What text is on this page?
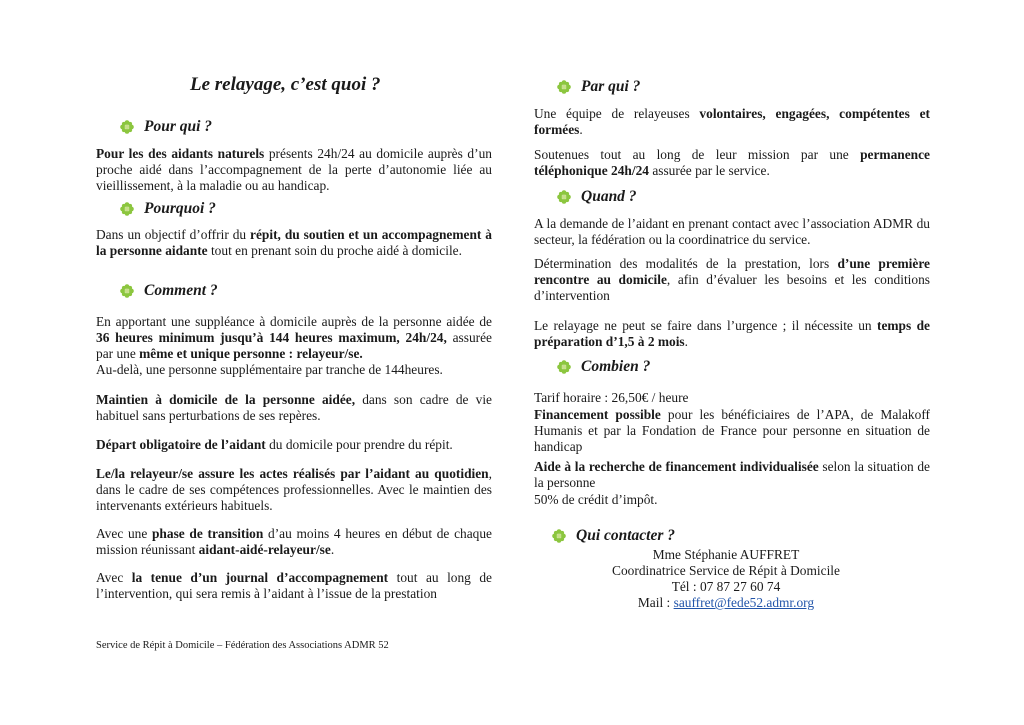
Le relayage, c’est quoi ?
Pour qui ?

Pour les des aidants naturels présents 24h/24 au domicile auprès d’un proche aidé dans l’accompagnement de la perte d’autonomie liée au vieillissement, à la maladie ou au handicap.

Pourquoi ?

Dans un objectif d’offrir du répit, du soutien et un accompagnement à la personne aidante tout en prenant soin du proche aidé à domicile.

Comment ?

En apportant une suppléance à domicile auprès de la personne aidée de 36 heures minimum jusqu’à 144 heures maximum, 24h/24, assurée par une même et unique personne : relayeur/se.
Au-delà, une personne supplémentaire par tranche de 144heures.

Maintien à domicile de la personne aidée, dans son cadre de vie habituel sans perturbations de ses repères.

Départ obligatoire de l’aidant du domicile pour prendre du répit.

Le/la relayeur/se assure les actes réalisés par l’aidant au quotidien, dans le cadre de ses compétences professionnelles. Avec le maintien des intervenants extérieurs habituels.

Avec une phase de transition d’au moins 4 heures en début de chaque mission réunissant aidant-aidé-relayeur/se.

Avec la tenue d’un journal d’accompagnement tout au long de l’intervention, qui sera remis à l’aidant à l’issue de la prestation

Par qui ?

Une équipe de relayeuses volontaires, engagées, compétentes et formées.

Soutenues tout au long de leur mission par une permanence téléphonique 24h/24 assurée par le service.

Quand ?

A la demande de l’aidant en prenant contact avec l’association ADMR du secteur, la fédération ou la coordinatrice du service.

Détermination des modalités de la prestation, lors d’une première rencontre au domicile, afin d’évaluer les besoins et les conditions d’intervention

Le relayage ne peut se faire dans l’urgence ; il nécessite un temps de préparation d’1,5 à 2 mois.

Combien ?

Tarif horaire : 26,50€ / heure

Financement possible pour les bénéficiaires de l’APA, de Malakoff Humanis et par la Fondation de France pour personne en situation de handicap

Aide à la recherche de financement individualisée selon la situation de la personne

50% de crédit d’impôt.

Qui contacter ?
Mme Stéphanie AUFFRET
Coordinatrice Service de Répit à Domicile
Tél : 07 87 27 60 74
Mail : sauffret@fede52.admr.org
Service de Répit à Domicile – Fédération des Associations ADMR 52
